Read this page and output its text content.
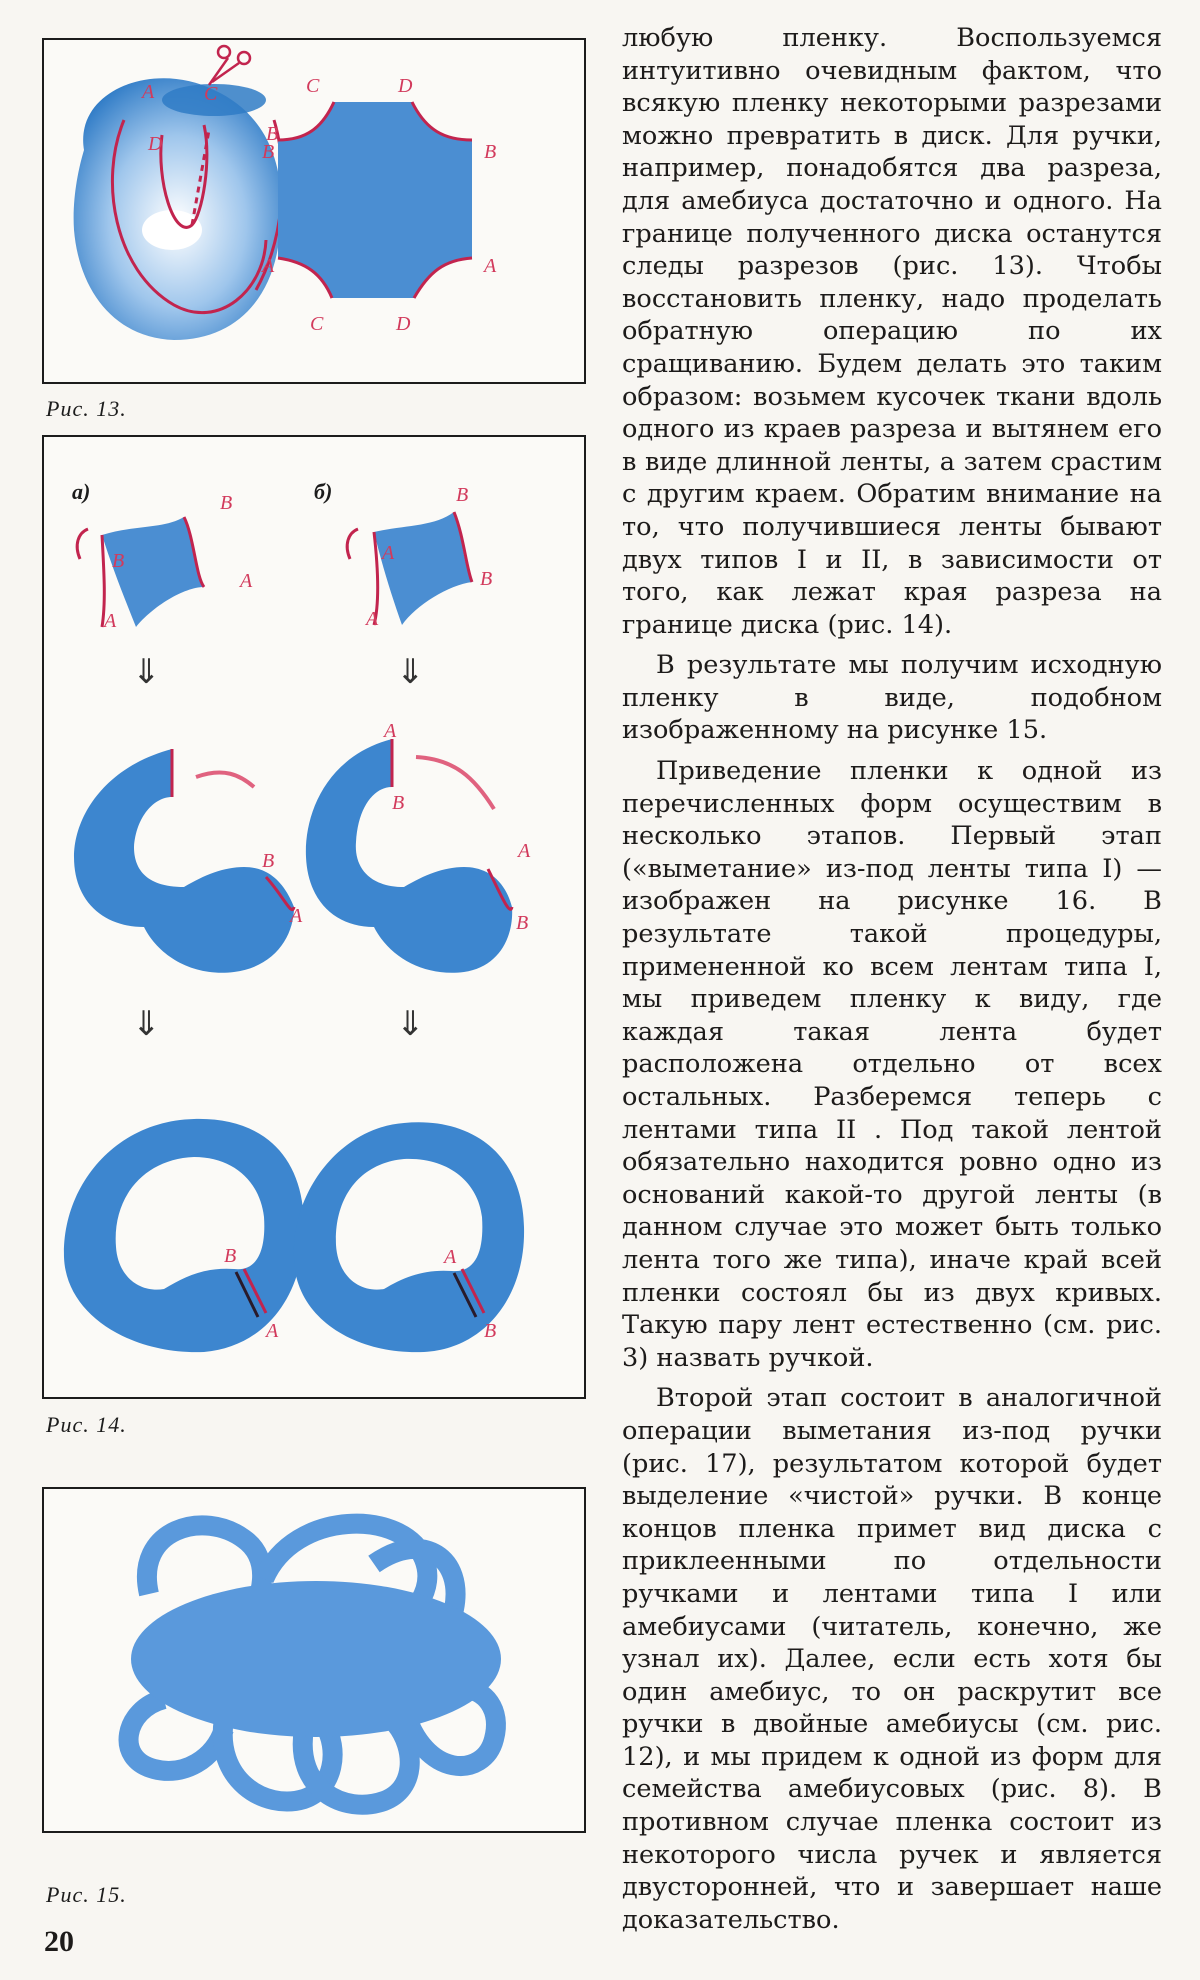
A C
D	B
C	D
B	B
A	A
C	D
Рис. 13.
а)	б)
B
B
A
A
A
B
B
A
⇓	⇓
B
A
A
B
A
B
⇓	⇓
B
A
A
B
Рис. 14.
Рис. 15.
20

любую пленку. Воспользуемся интуитивно очевидным фактом, что всякую пленку некоторыми разрезами можно превратить в диск. Для ручки, например, понадобятся два разреза, для амебиуса достаточно и одного. На границе полученного диска останутся следы разрезов (рис. 13). Чтобы восстановить пленку, надо проделать обратную операцию по их сращиванию. Будем делать это таким образом: возьмем кусочек ткани вдоль одного из краев разреза и вытянем его в виде длинной ленты, а затем срастим с другим краем. Обратим внимание на то, что получившиеся ленты бывают двух типов I и II, в зависимости от того, как лежат края разреза на границе диска (рис. 14).

В результате мы получим исходную пленку в виде, подобном изображенному на рисунке 15.

Приведение пленки к одной из перечисленных форм осуществим в несколько этапов. Первый этап («выметание» из-под ленты типа I) — изображен на рисунке 16. В результате такой процедуры, примененной ко всем лентам типа I, мы приведем пленку к виду, где каждая такая лента будет расположена отдельно от всех остальных. Разберемся теперь с лентами типа II . Под такой лентой обязательно находится ровно одно из оснований какой-то другой ленты (в данном случае это может быть только лента того же типа), иначе край всей пленки состоял бы из двух кривых. Такую пару лент естественно (см. рис. 3) назвать ручкой.

Второй этап состоит в аналогичной операции выметания из-под ручки (рис. 17), результатом которой будет выделение «чистой» ручки. В конце концов пленка примет вид диска с приклеенными по отдельности ручками и лентами типа I или амебиусами (читатель, конечно, же узнал их). Далее, если есть хотя бы один амебиус, то он раскрутит все ручки в двойные амебиусы (см. рис. 12), и мы придем к одной из форм для семейства амебиусовых (рис. 8). В противном случае пленка состоит из некоторого числа ручек и является двусторонней, что и завершает наше доказательство.
